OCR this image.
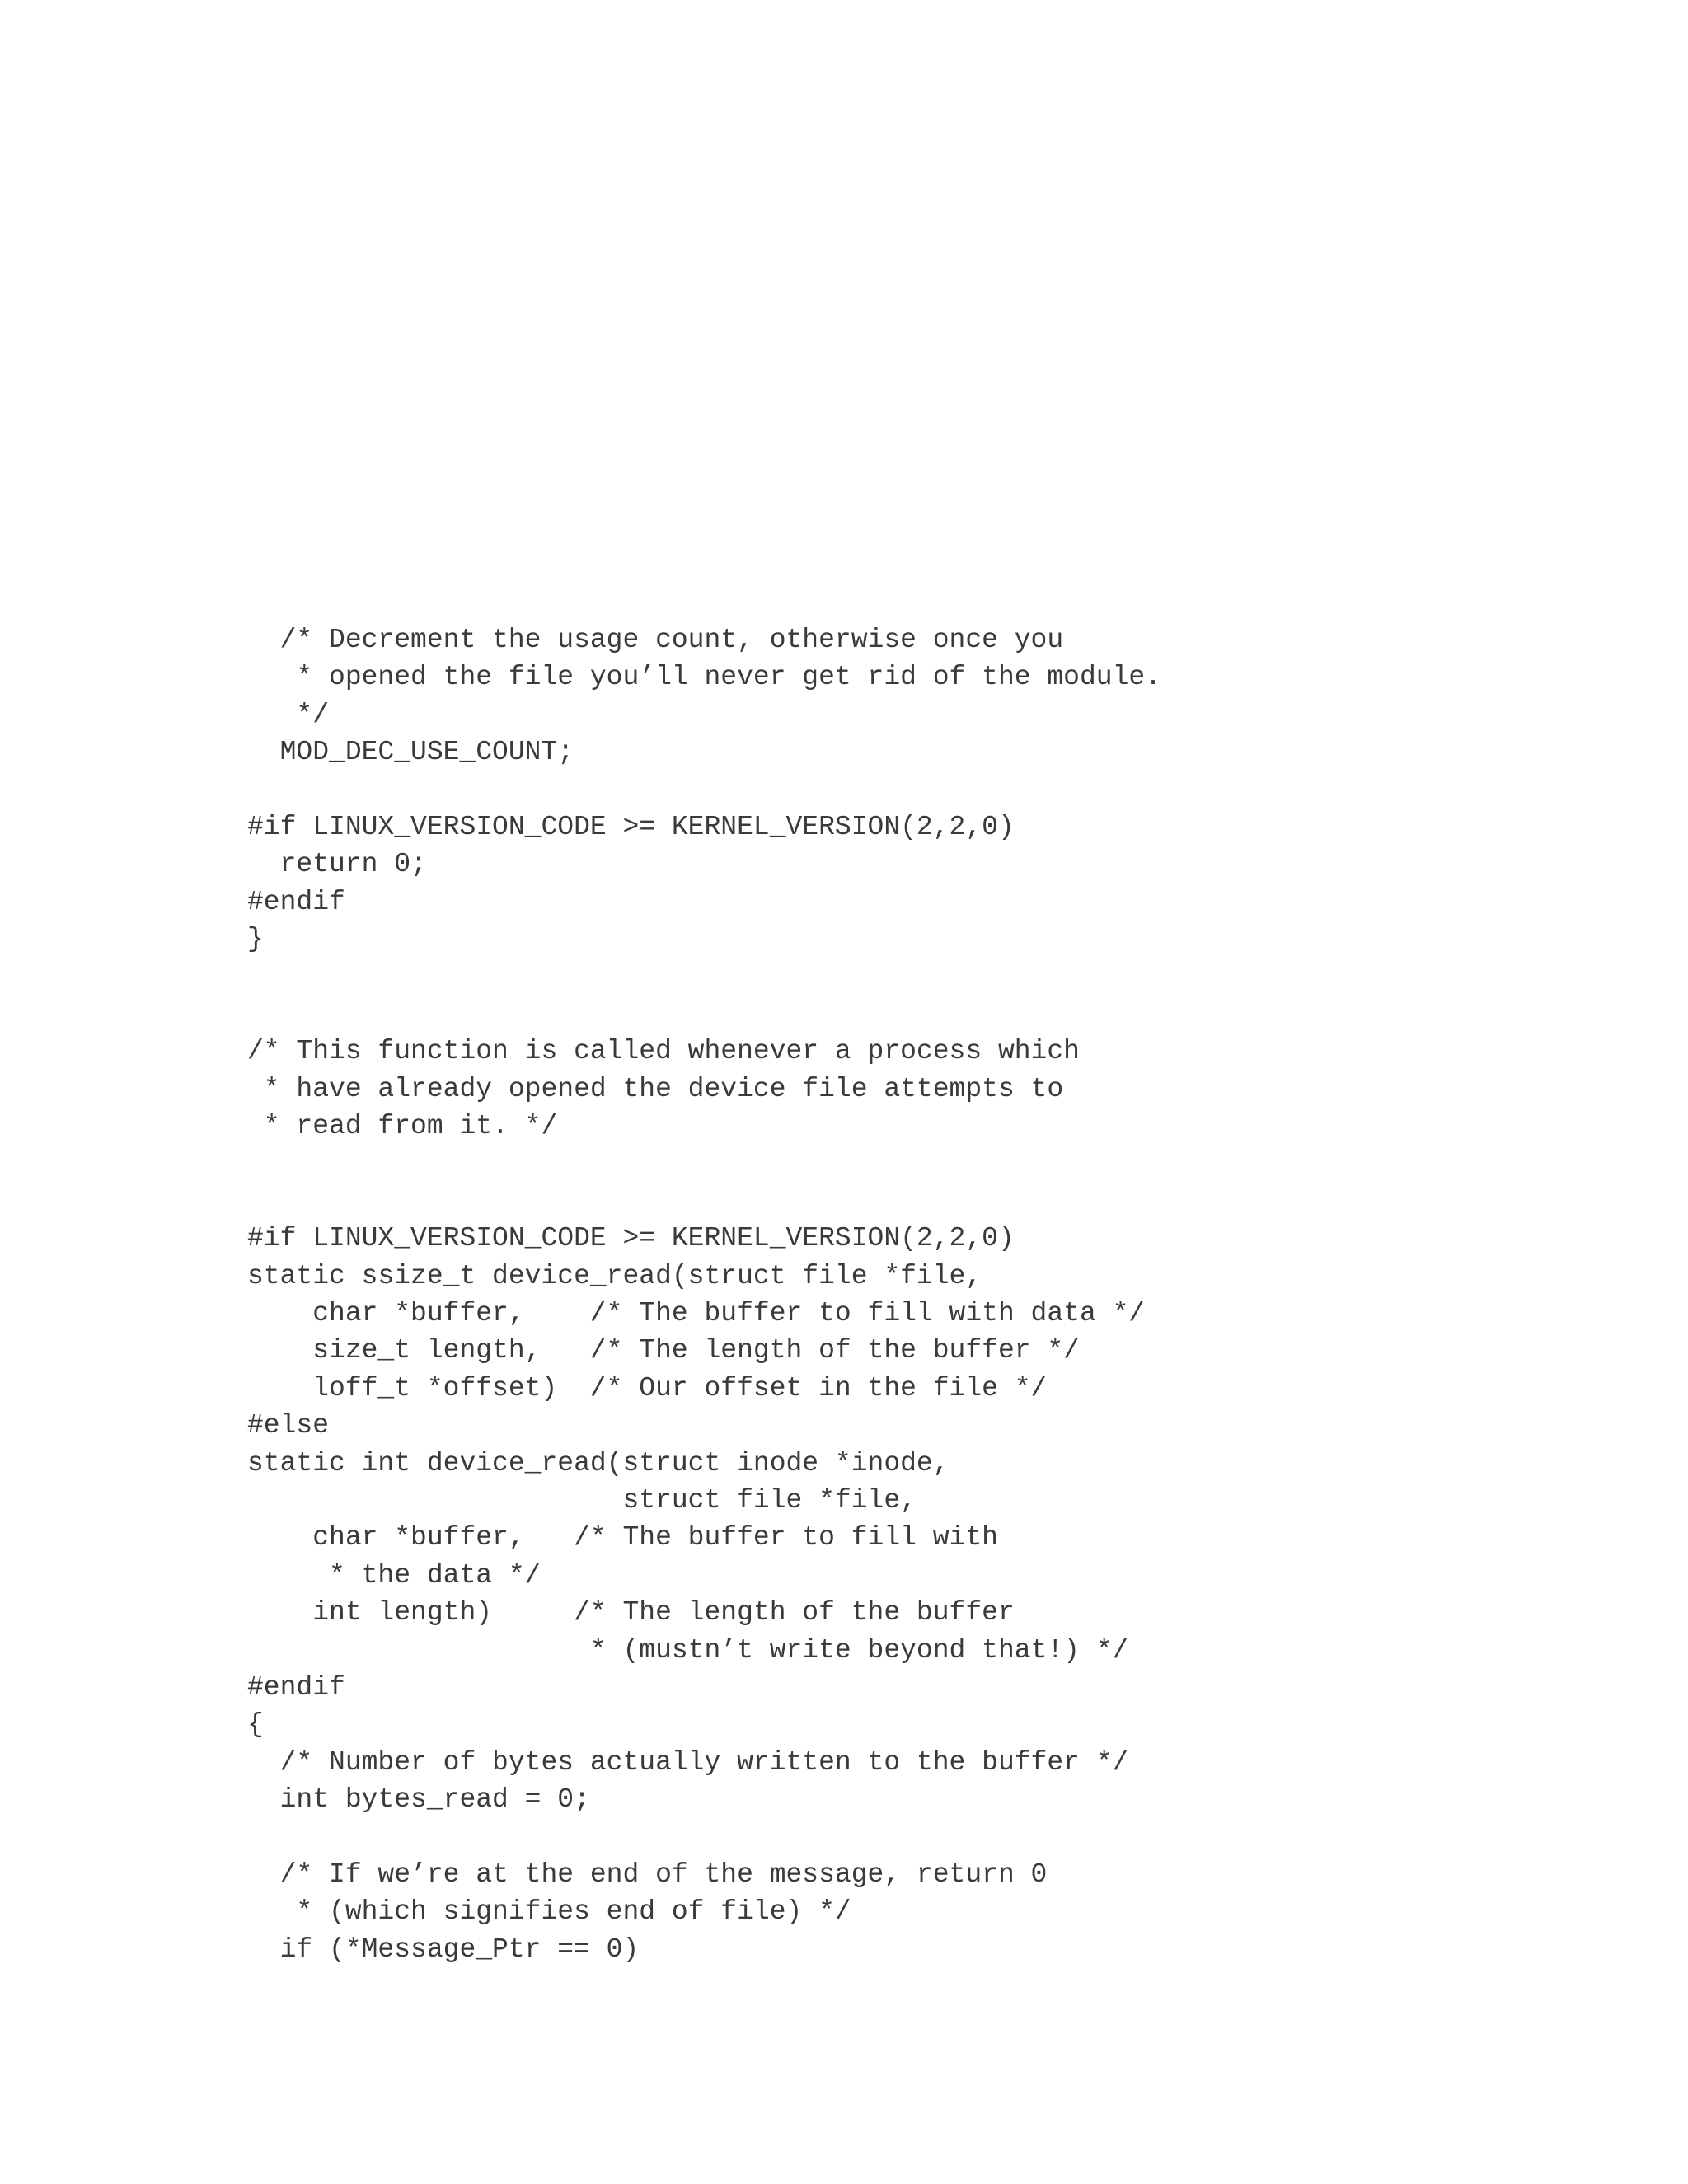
/* Decrement the usage count, otherwise once you
* opened the file you’ll never get rid of the module.
*/
MOD_DEC_USE_COUNT;
#if LINUX_VERSION_CODE >= KERNEL_VERSION(2,2,0)
return 0;
#endif
}
/* This function is called whenever a process which
* have already opened the device file attempts to
* read from it. */
#if LINUX_VERSION_CODE >= KERNEL_VERSION(2,2,0)
static ssize_t device_read(struct file *file,
char *buffer,    /* The buffer to fill with data */
size_t length,   /* The length of the buffer */
loff_t *offset)  /* Our offset in the file */
#else
static int device_read(struct inode *inode,
struct file *file,
char *buffer,   /* The buffer to fill with
* the data */
int length)     /* The length of the buffer
* (mustn’t write beyond that!) */
#endif
{
/* Number of bytes actually written to the buffer */
int bytes_read = 0;
/* If we’re at the end of the message, return 0
* (which signifies end of file) */
if (*Message_Ptr == 0)
